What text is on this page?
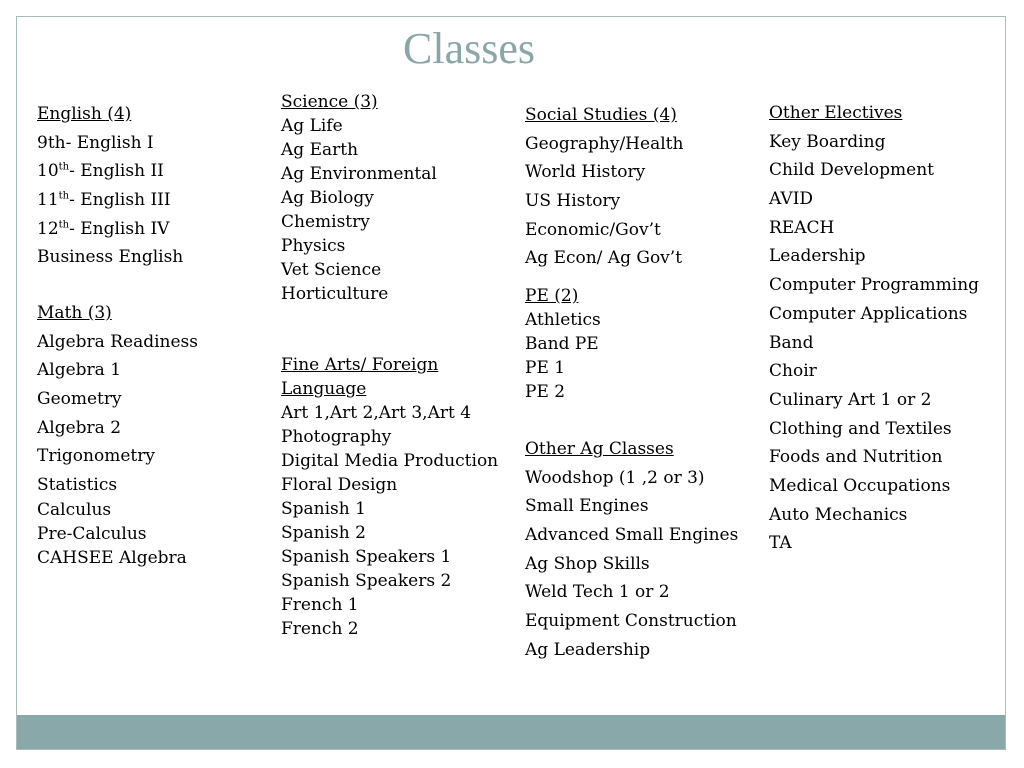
Classes
English (4)
9th- English I
10th- English II
11th- English III
12th- English IV
Business English
Math (3)
Algebra Readiness
Algebra 1
Geometry
Algebra 2
Trigonometry
Statistics
Calculus
Pre-Calculus
CAHSEE Algebra
Science (3)
Ag Life
Ag Earth
Ag Environmental
Ag Biology
Chemistry
Physics
Vet Science
Horticulture
Fine Arts/ Foreign
Language
Art 1,Art 2,Art 3,Art 4
Photography
Digital Media Production
Floral Design
Spanish 1
Spanish 2
Spanish Speakers 1
Spanish Speakers 2
French 1
French 2
Social Studies (4)
Geography/Health
World History
US History
Economic/Gov’t
Ag Econ/ Ag Gov’t
PE (2)
Athletics
Band PE
PE 1
PE 2
Other Ag Classes
Woodshop (1 ,2 or 3)
Small Engines
Advanced Small Engines
Ag Shop Skills
Weld Tech 1 or 2
Equipment Construction
Ag Leadership
Other Electives
Key Boarding
Child Development
AVID
REACH
Leadership
Computer Programming
Computer Applications
Band
Choir
Culinary Art 1 or 2
Clothing and Textiles
Foods and Nutrition
Medical Occupations
Auto Mechanics
TA
